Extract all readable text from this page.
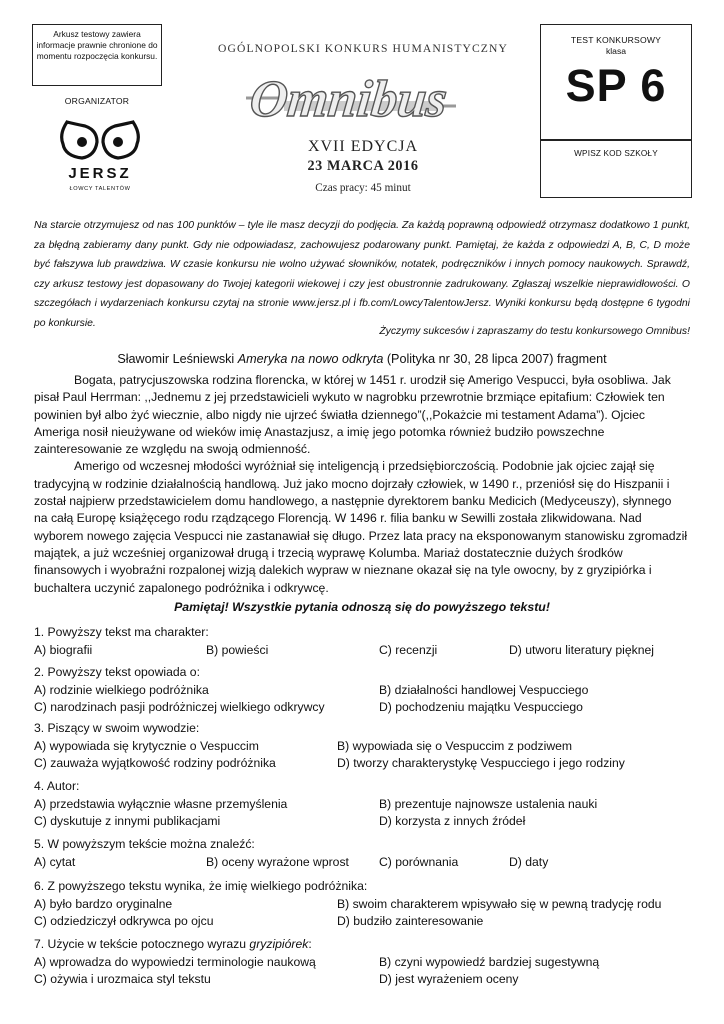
Arkusz testowy zawiera informacje prawnie chronione do momentu rozpoczęcia konkursu.
ORGANIZATOR
JERSZ
ŁOWCY TALENTÓW
OGÓLNOPOLSKI KONKURS HUMANISTYCZNY
Omnibus
XVII EDYCJA
23 MARCA 2016
Czas pracy: 45 minut
TEST KONKURSOWY
klasa
SP 6
WPISZ KOD SZKOŁY
Na starcie otrzymujesz od nas 100 punktów – tyle ile masz decyzji do podjęcia. Za każdą poprawną odpowiedź otrzymasz dodatkowo 1 punkt, za błędną zabieramy dany punkt. Gdy nie odpowiadasz, zachowujesz podarowany punkt. Pamiętaj, że każda z odpowiedzi A, B, C, D może być fałszywa lub prawdziwa. W czasie konkursu nie wolno używać słowników, notatek, podręczników i innych pomocy naukowych. Sprawdź, czy arkusz testowy jest dopasowany do Twojej kategorii wiekowej i czy jest obustronnie zadrukowany. Zgłaszaj wszelkie nieprawidłowości. O szczegółach i wydarzeniach konkursu czytaj na stronie www.jersz.pl i fb.com/LowcyTalentowJersz. Wyniki konkursu będą dostępne 6 tygodni po konkursie.
Życzymy sukcesów i zapraszamy do testu konkursowego Omnibus!
Sławomir Leśniewski Ameryka na nowo odkryta (Polityka nr 30, 28 lipca 2007) fragment

Bogata, patrycjuszowska rodzina florencka, w której w 1451 r. urodził się Amerigo Vespucci, była osobliwa. Jak pisał Paul Herrman: ,,Jednemu z jej przedstawicieli wykuto w nagrobku przewrotnie brzmiące epitafium: Człowiek ten powinien był albo żyć wiecznie, albo nigdy nie ujrzeć światła dziennego”(,,Pokażcie mi testament Adama”). Ojciec Ameriga nosił nieużywane od wieków imię Anastazjusz, a imię jego potomka również budziło powszechne zainteresowanie ze względu na swoją odmienność.

Amerigo od wczesnej młodości wyróżniał się inteligencją i przedsiębiorczością. Podobnie jak ojciec zajął się tradycyjną w rodzinie działalnością handlową. Już jako mocno dojrzały człowiek, w 1490 r., przeniósł się do Hiszpanii i został najpierw przedstawicielem domu handlowego, a następnie dyrektorem banku Medicich (Medyceuszy), słynnego na całą Europę książęcego rodu rządzącego Florencją. W 1496 r. filia banku w Sewilli została zlikwidowana. Nad wyborem nowego zajęcia Vespucci nie zastanawiał się długo. Przez lata pracy na eksponowanym stanowisku zgromadził majątek, a już wcześniej organizował drugą i trzecią wyprawę Kolumba. Mariaż dostatecznie dużych środków finansowych i wyobraźni rozpalonej wizją dalekich wypraw w nieznane okazał się na tyle owocny, by z gryzipiórka i buchaltera uczynić zapalonego podróżnika i odkrywcę.

Pamiętaj! Wszystkie pytania odnoszą się do powyższego tekstu!
1. Powyższy tekst ma charakter:
A) biografii	B) powieści	C) recenzji	D) utworu literatury pięknej
2. Powyższy tekst opowiada o:
A) rodzinie wielkiego podróżnika	B) działalności handlowej Vespucciego
C) narodzinach pasji podróżniczej wielkiego odkrywcy	D) pochodzeniu majątku Vespucciego
3. Piszący w swoim wywodzie:
A) wypowiada się krytycznie o Vespuccim	B) wypowiada się o Vespuccim z podziwem
C) zauważa wyjątkowość rodziny podróżnika	D) tworzy charakterystykę Vespucciego i jego rodziny
4. Autor:
A) przedstawia wyłącznie własne przemyślenia	B) prezentuje najnowsze ustalenia nauki
C) dyskutuje z innymi publikacjami	D) korzysta z innych źródeł
5. W powyższym tekście można znaleźć:
A) cytat	B) oceny wyrażone wprost C) porównania	D) daty
6. Z powyższego tekstu wynika, że imię wielkiego podróżnika:
A) było bardzo oryginalne	B) swoim charakterem wpisywało się w pewną tradycję rodu
C) odziedziczył odkrywca po ojcu	D) budziło zainteresowanie
7. Użycie w tekście potocznego wyrazu gryzipiórek:
A) wprowadza do wypowiedzi terminologie naukową	B) czyni wypowiedź bardziej sugestywną
C) ożywia i urozmaica styl tekstu	D) jest wyrażeniem oceny
